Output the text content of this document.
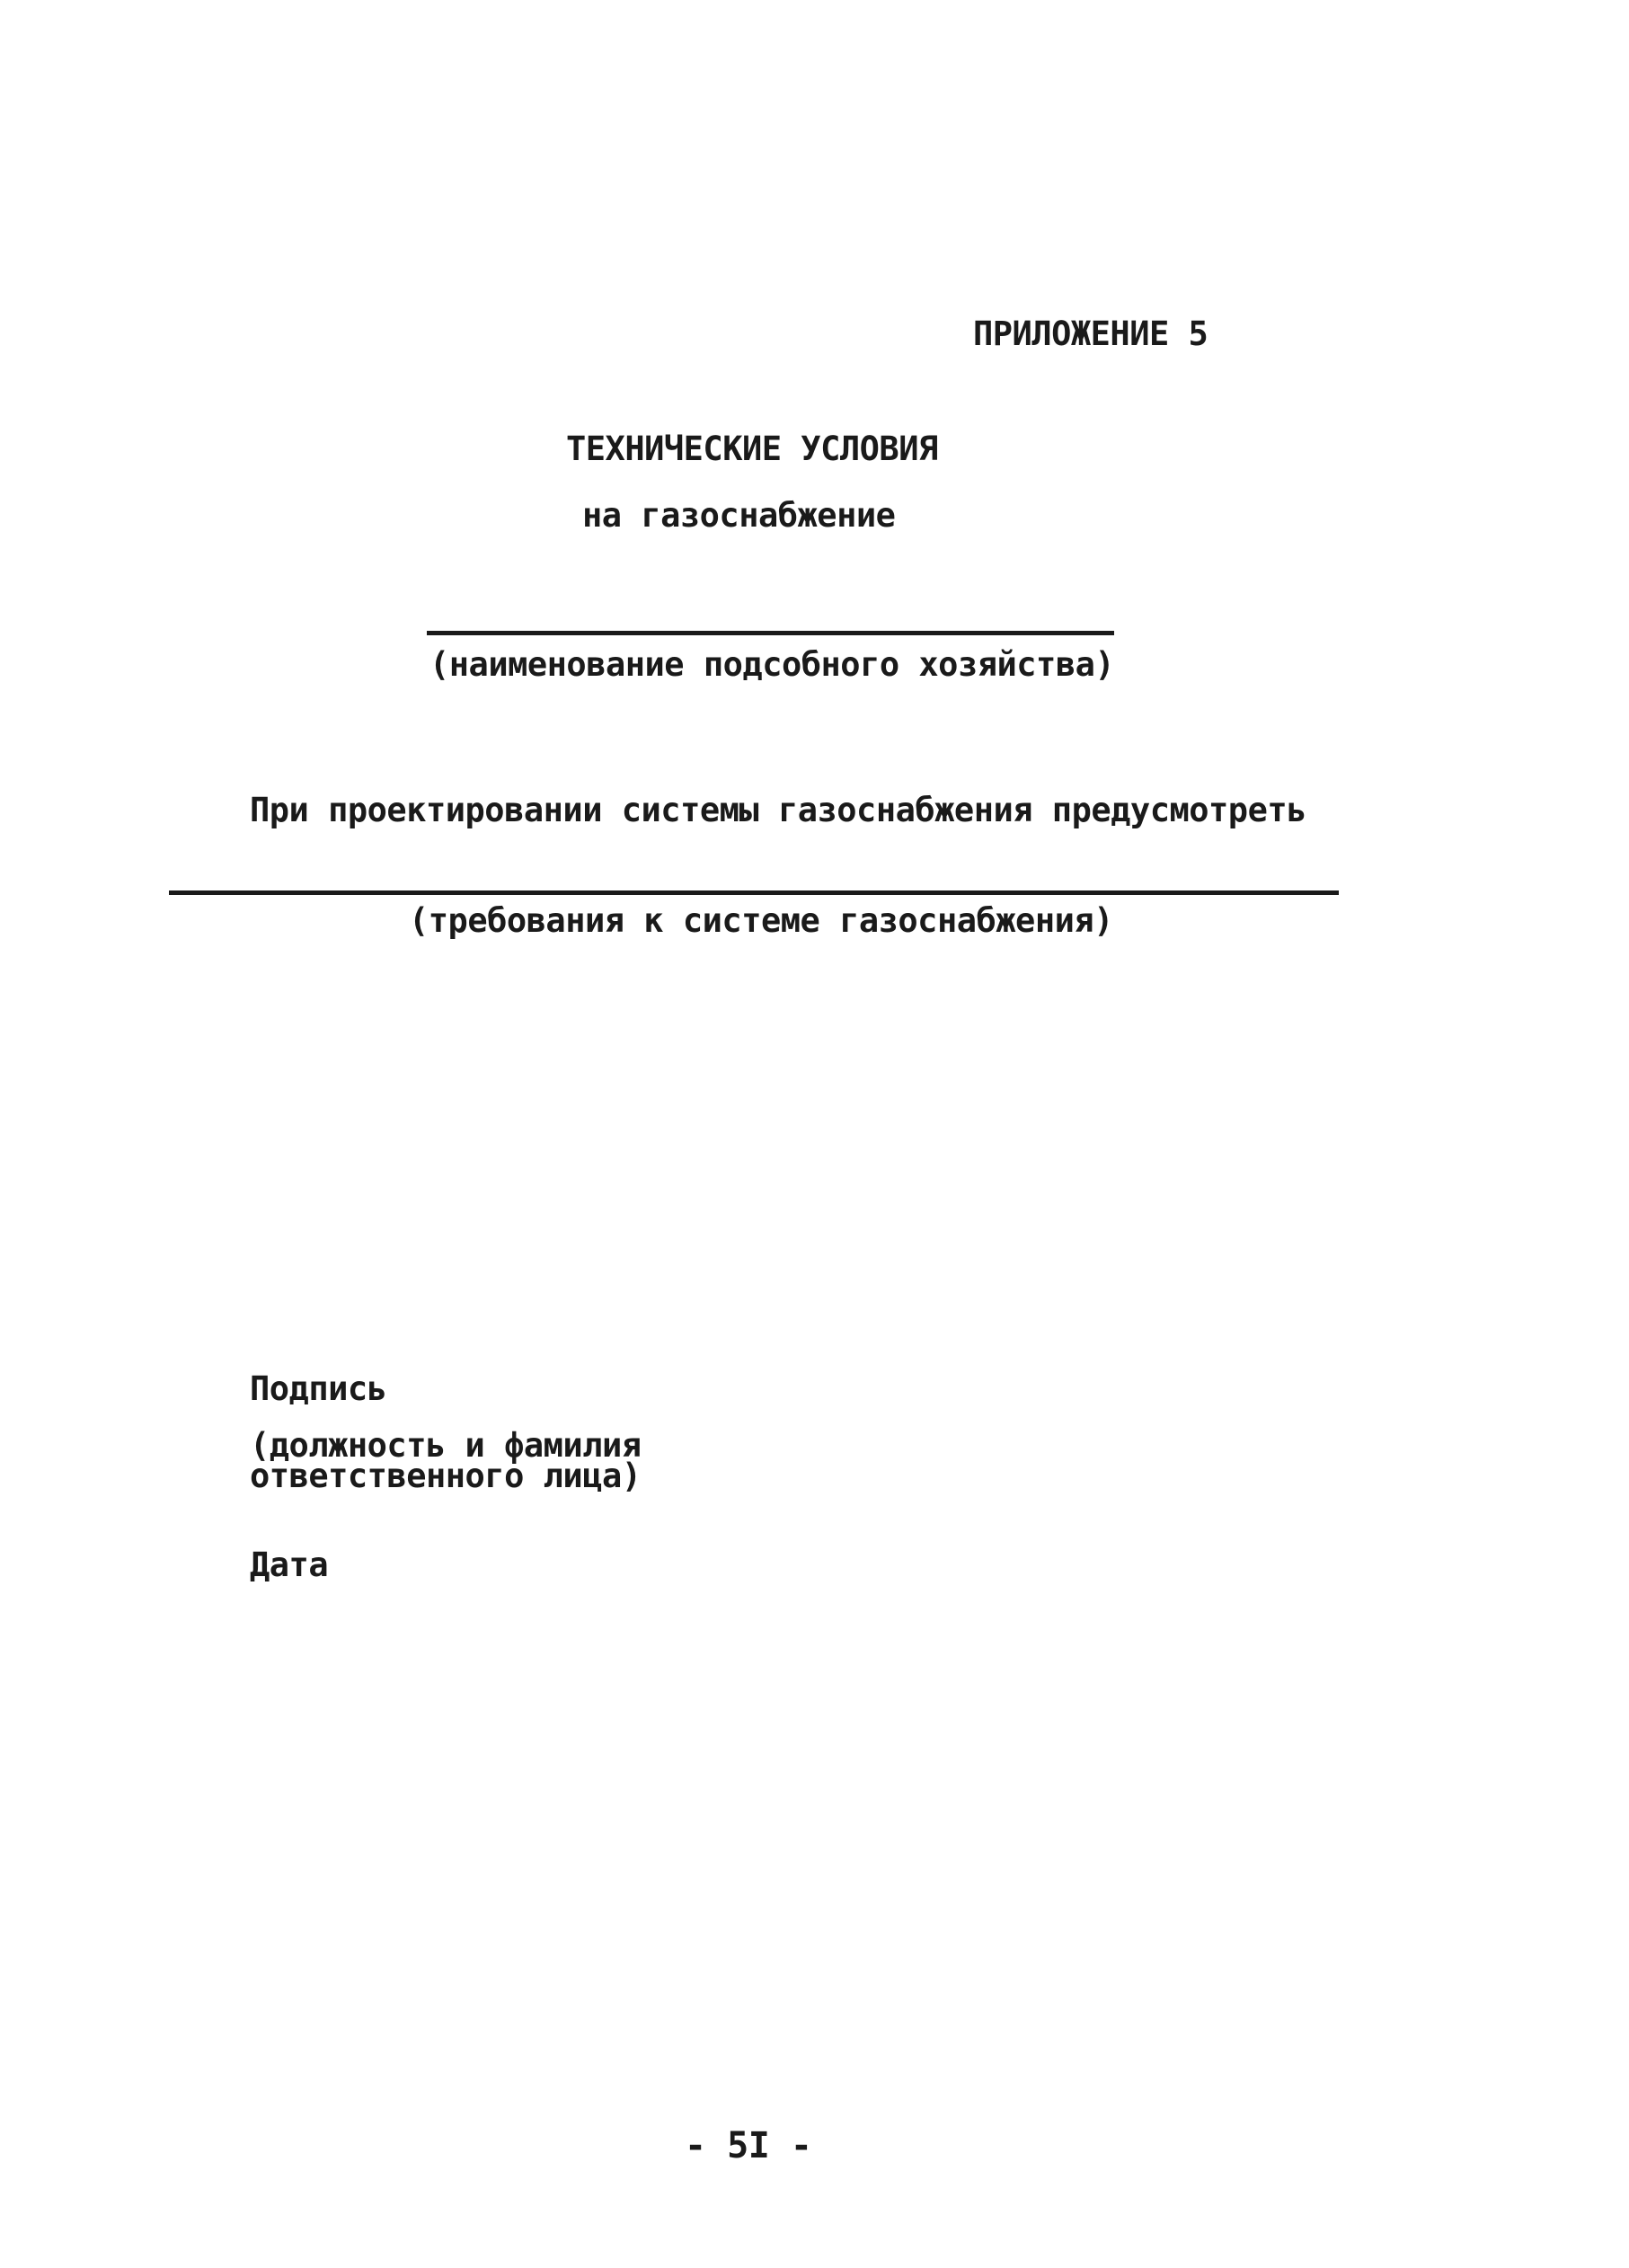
ПРИЛОЖЕНИЕ 5
ТЕХНИЧЕСКИЕ УСЛОВИЯ
на газоснабжение
(наименование подсобного хозяйства)
При проектировании системы газоснабжения предусмотреть
(требования к системе газоснабжения)
Подпись
(должность и фамилия
ответственного лица)
Дата
- 5I -
